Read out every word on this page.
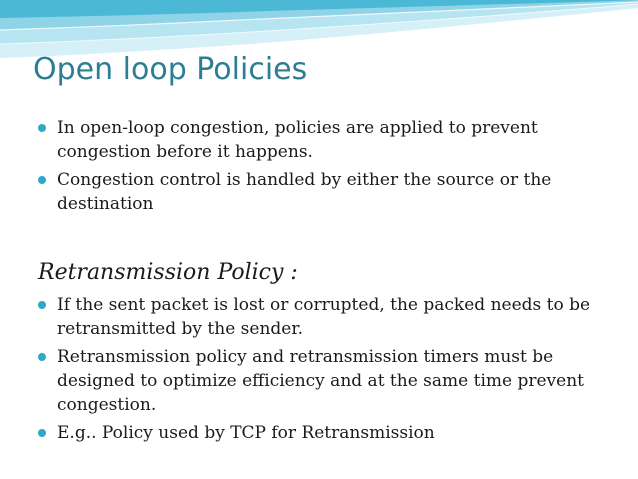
Open loop Policies
In open-loop congestion, policies are applied to prevent congestion before it happens.
Congestion control is handled by either the source or the destination
Retransmission Policy :
If the sent packet is lost or corrupted, the packed needs to be retransmitted by the sender.
Retransmission policy and retransmission timers must be designed to optimize efficiency and at the same time prevent congestion.
E.g.. Policy used by TCP for Retransmission
